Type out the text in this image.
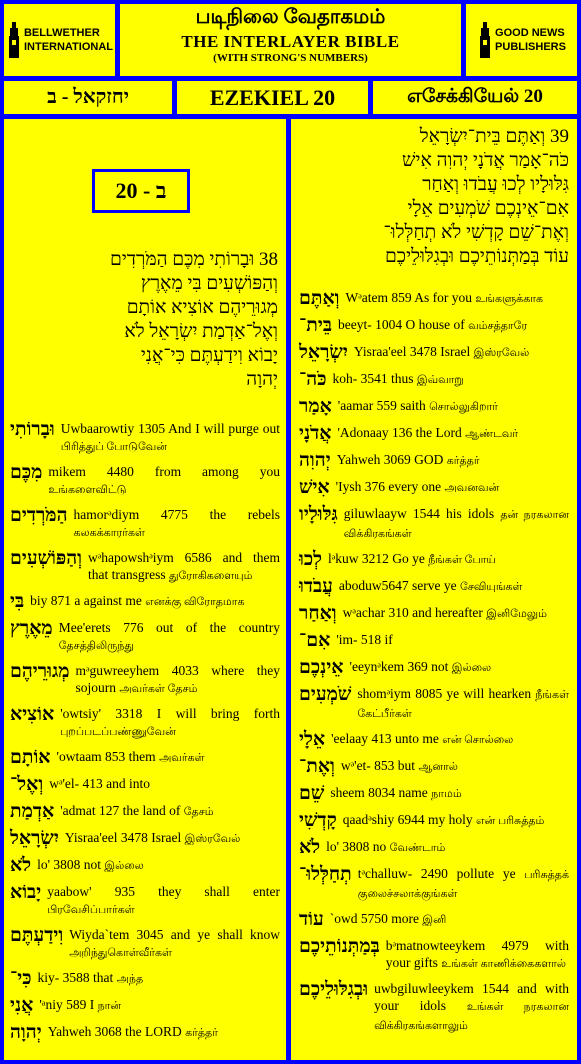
BELLWETHER
INTERNATIONAL
படிநிலை வேதாகமம்
THE INTERLAYER BIBLE
(WITH STRONG'S NUMBERS)
GOOD NEWS
PUBLISHERS
יחזקאל - ב	EZEKIEL 20	எசேக்கியேல் 20
20 - ב
38 וּבָרוֹתִי מִכֶּם הַמֹּרְדִים
וְהַפּוֹשְׁעִים בִּי מֵאֶרֶץ
מְגוּרֵיהֶם אוֹצִיא אוֹתָם
וְאֶל־אַדְמַת יִשְׂרָאֵל לֹא
יָבוֹא וִידַעְתֶּם כִּי־אֲנִי
יְהוָה
וּבָרוֹתִי Uwbaarowtiy 1305 And I will purge out பிரித்துப் போடுவேன்
מִכֶּם mikem 4480 from among you உங்களைவிட்டு
הַמֹּרְדִים hamorᵊdiym 4775 the rebels கலகக்காரர்கள்
וְהַפּוֹשְׁעִים wᵊhapowshᵊiym 6586 and them that transgress துரோகிகளையும்
בִּי biy 871 a against me எனக்கு விரோதமாக
מֵאֶרֶץ Mee'erets 776 out of the country தேசத்திலிருந்து
מְגוּרֵיהֶם mᵊguwreeyhem 4033 where they sojourn அவர்கள் தேசம்
אוֹצִיא 'owtsiy' 3318 I will bring forth புறப்படப்பண்ணுவேன்
אוֹתָם 'owtaam 853 them அவர்கள்
וְאֶל־ wᵊ'el- 413 and into
אַדְמַת 'admat 127 the land of தேசம்
יִשְׂרָאֵל Yisraa'eel 3478 Israel இஸ்ரவேல்
לֹא lo' 3808 not இல்லை
יָבוֹא yaabow' 935 they shall enter பிரவேசிப்பார்கள்
וִידַעְתֶּם Wiyda`tem 3045 and ye shall know அறிந்துகொள்வீர்கள்
כִּי־ kiy- 3588 that அந்த
אֲנִי 'ᵃniy 589 I நான்
יְהוָה Yahweh 3068 the LORD கர்த்தர்
39 וְאַתֶּם בֵּית־יִשְׂרָאֵל
כֹּה־אָמַר אֲדֹנָי יְהוִה אִישׁ
גִּלּוּלָיו לְכוּ עֲבֹדוּ וְאַחַר
אִם־אֵינְכֶם שֹׁמְעִים אֵלָי
וְאֶת־שֵׁם קָדְשִׁי לֹא תְחַלְּלוּ־
עוֹד בְּמַתְּנוֹתֵיכֶם וּבְגִלּוּלֵיכֶם
וְאַתֶּם Wᵊatem 859 As for you உங்களுக்காக
בֵּית־ beeyt- 1004 O house of வம்சத்தாரே
יִשְׂרָאֵל Yisraa'eel 3478 Israel இஸ்ரவேல்
כֹּה־ koh- 3541 thus இவ்வாறு
אָמַר 'aamar 559 saith சொல்லுகிறார்
אֲדֹנָי 'Adonaay 136 the Lord ஆண்டவர்
יְהוִה Yahweh 3069 GOD கர்த்தர்
אִישׁ 'Iysh 376 every one அவனவன்
גִּלּוּלָיו giluwlaayw 1544 his idols தன் நரகலான விக்கிரகங்கள்
לְכוּ lᵊkuw 3212 Go ye நீங்கள் போய்
עֲבֹדוּ aboduw5647 serve ye சேவியுங்கள்
וְאַחַר wᵊachar 310 and hereafter இனிமேலும்
אִם־ 'im- 518 if
אֵינְכֶם 'eeynᵊkem 369 not இல்லை
שֹׁמְעִים shomᵊiym 8085 ye will hearken நீங்கள் கேட்பீர்கள்
אֵלָי 'eelaay 413 unto me என் சொல்லை
וְאֶת־ wᵊ'et- 853 but ஆனால்
שֵׁם sheem 8034 name நாமம்
קָדְשִׁי qaadᵊshiy 6944 my holy என் பரிசுத்தம்
לֹא lo' 3808 no வேண்டாம்
תְחַלְּלוּ־ tᵊchalluw- 2490 pollute ye பரிசுத்தக் குலைச்சலாக்குங்கள்
עוֹד `owd 5750 more இனி
בְּמַתְּנוֹתֵיכֶם bᵊmatnowteeykem 4979 with your gifts உங்கள் காணிக்கைகளால்
וּבְגִלּוּלֵיכֶם uwbgiluwleeykem 1544 and with your idols உங்கள் நரகலான விக்கிரகங்களாலும்
